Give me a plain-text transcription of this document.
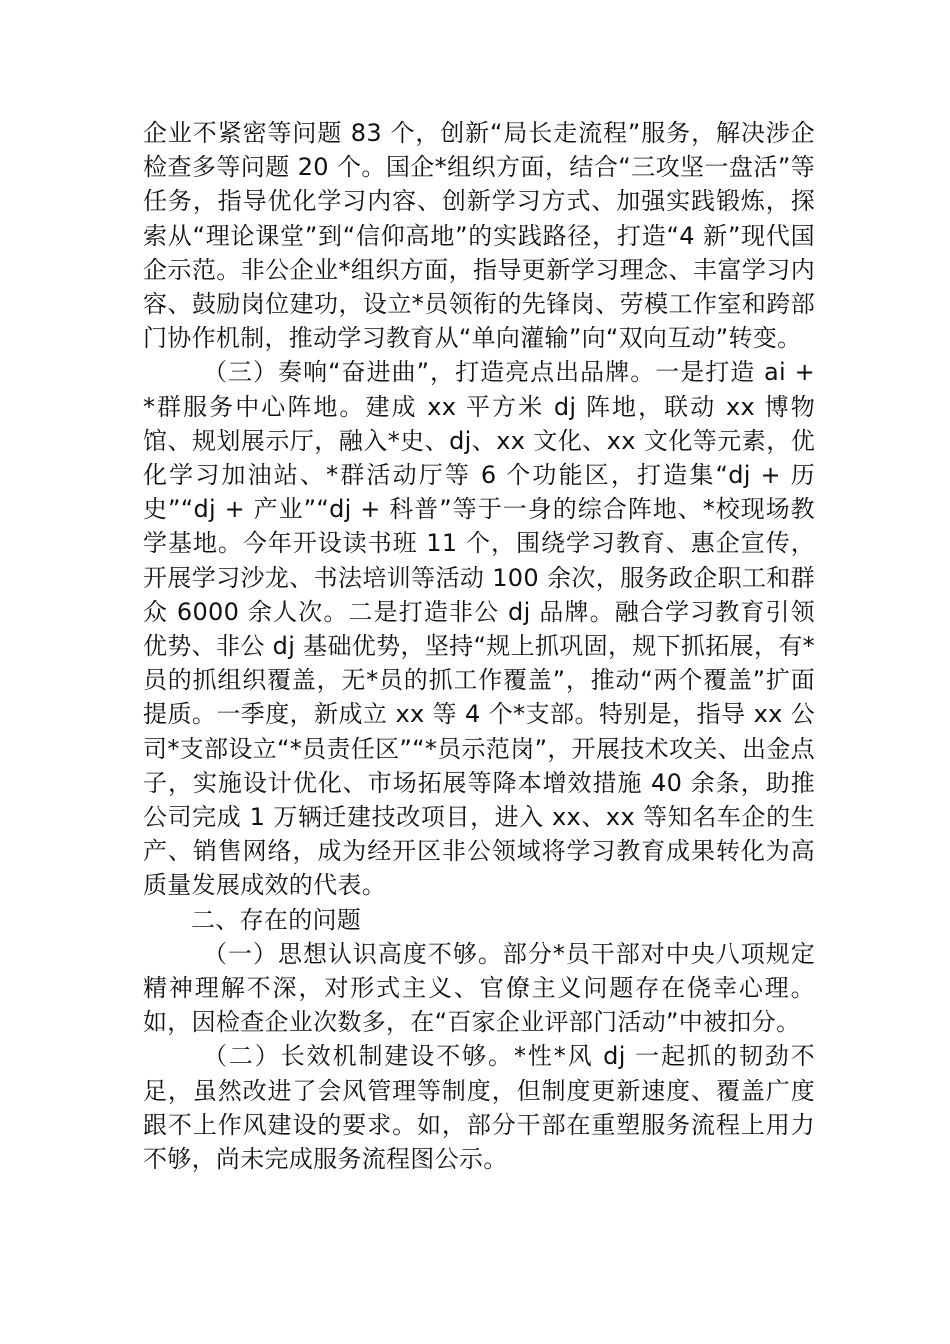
企业不紧密等问题 83 个，创新“局长走流程”服务，解决涉企检查多等问题 20 个。国企*组织方面，结合“三攻坚一盘活”等任务，指导优化学习内容、创新学习方式、加强实践锻炼，探索从“理论课堂”到“信仰高地”的实践路径，打造“4 新”现代国企示范。非公企业*组织方面，指导更新学习理念、丰富学习内容、鼓励岗位建功，设立*员领衔的先锋岗、劳模工作室和跨部门协作机制，推动学习教育从“单向灌输”向“双向互动”转变。

（三）奏响“奋进曲”，打造亮点出品牌。一是打造 ai + *群服务中心阵地。建成 xx 平方米 dj 阵地，联动 xx 博物馆、规划展示厅，融入*史、dj、xx 文化、xx 文化等元素，优化学习加油站、*群活动厅等 6 个功能区，打造集“dj + 历史”“dj + 产业”“dj + 科普”等于一身的综合阵地、*校现场教学基地。今年开设读书班 11 个，围绕学习教育、惠企宣传，开展学习沙龙、书法培训等活动 100 余次，服务政企职工和群众 6000 余人次。二是打造非公 dj 品牌。融合学习教育引领优势、非公 dj 基础优势，坚持“规上抓巩固，规下抓拓展，有*员的抓组织覆盖，无*员的抓工作覆盖”，推动“两个覆盖”扩面提质。一季度，新成立 xx 等 4 个*支部。特别是，指导 xx 公司*支部设立“*员责任区”“*员示范岗”，开展技术攻关、出金点子，实施设计优化、市场拓展等降本增效措施 40 余条，助推公司完成 1 万辆迁建技改项目，进入 xx、xx 等知名车企的生产、销售网络，成为经开区非公领域将学习教育成果转化为高质量发展成效的代表。

二、存在的问题

（一）思想认识高度不够。部分*员干部对中央八项规定精神理解不深，对形式主义、官僚主义问题存在侥幸心理。如，因检查企业次数多，在“百家企业评部门活动”中被扣分。

（二）长效机制建设不够。*性*风 dj 一起抓的韧劲不足，虽然改进了会风管理等制度，但制度更新速度、覆盖广度跟不上作风建设的要求。如，部分干部在重塑服务流程上用力不够，尚未完成服务流程图公示。
